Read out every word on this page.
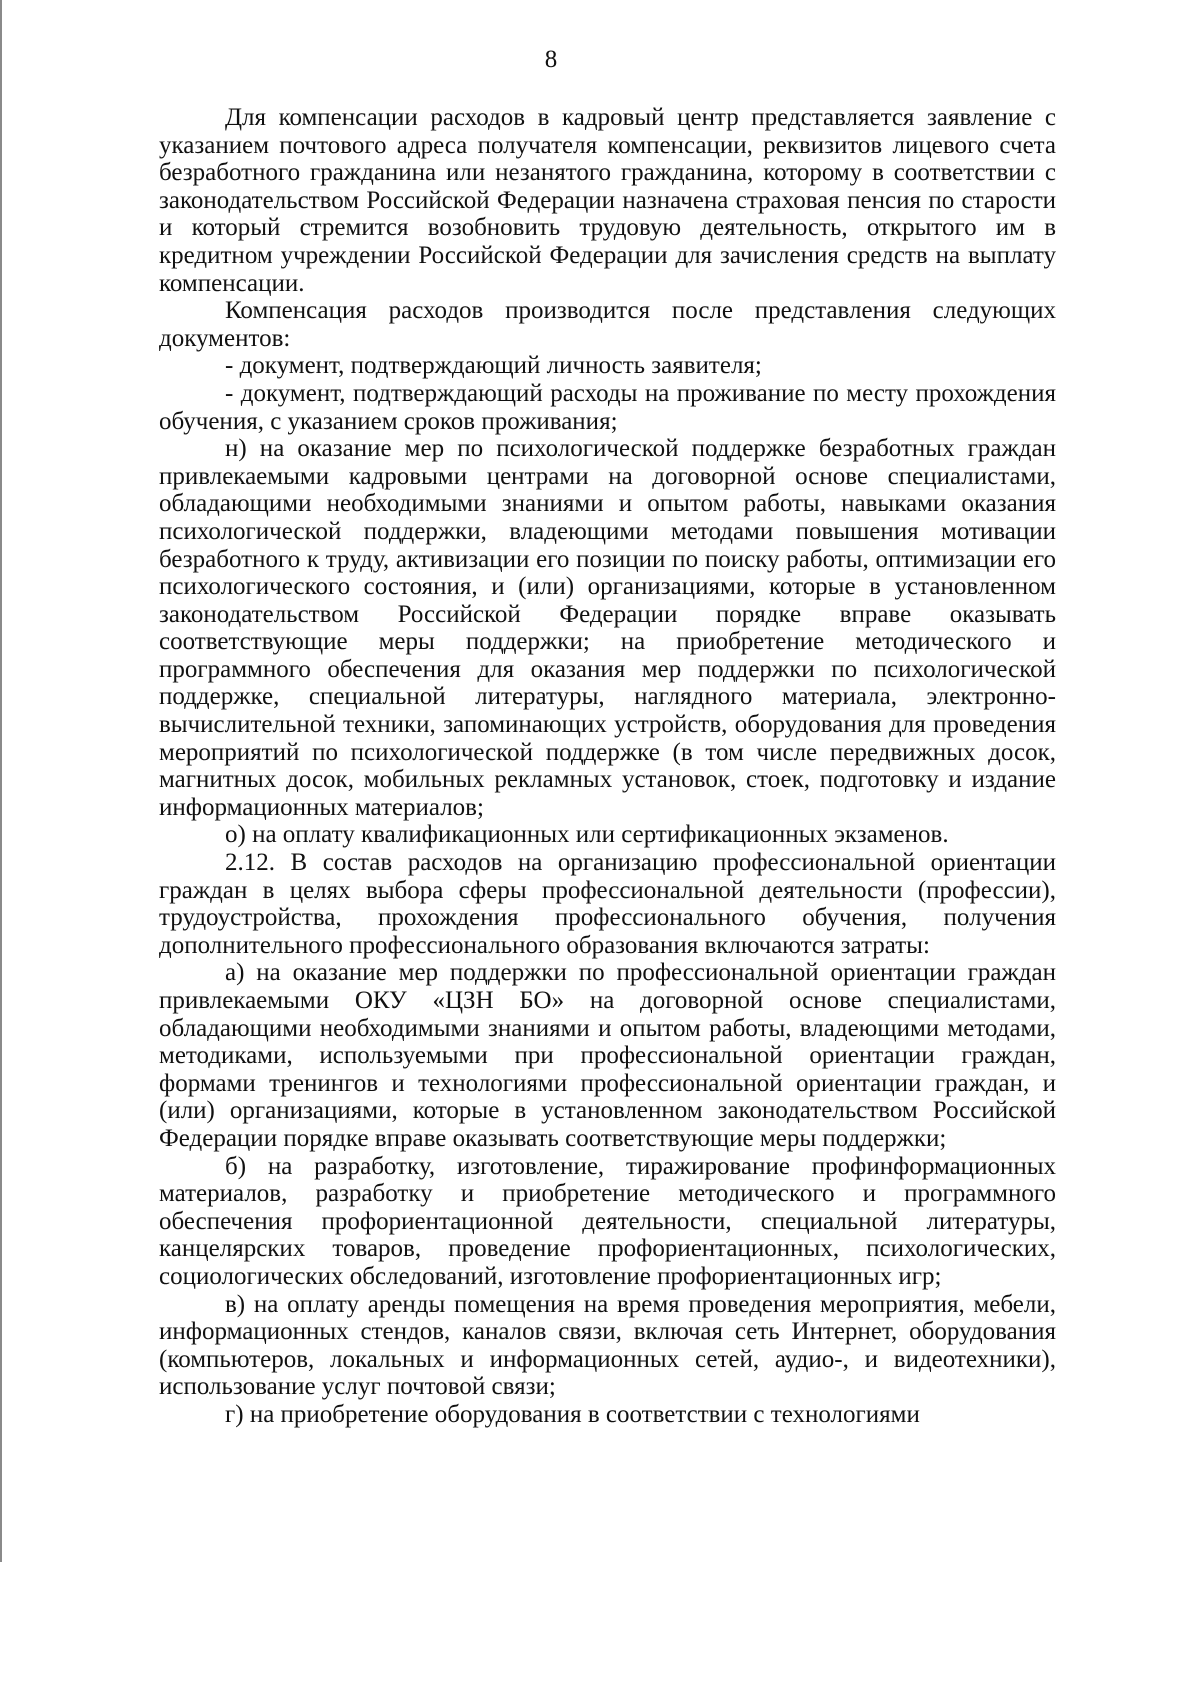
8

Для компенсации расходов в кадровый центр представляется заявление с указанием почтового адреса получателя компенсации, реквизитов лицевого счета безработного гражданина или незанятого гражданина, которому в соответствии с законодательством Российской Федерации назначена страховая пенсия по старости и который стремится возобновить трудовую деятельность, открытого им в кредитном учреждении Российской Федерации для зачисления средств на выплату компенсации.

Компенсация расходов производится после представления следующих документов:

- документ, подтверждающий личность заявителя;

- документ, подтверждающий расходы на проживание по месту прохождения обучения, с указанием сроков проживания;

н) на оказание мер по психологической поддержке безработных граждан привлекаемыми кадровыми центрами на договорной основе специалистами, обладающими необходимыми знаниями и опытом работы, навыками оказания психологической поддержки, владеющими методами повышения мотивации безработного к труду, активизации его позиции по поиску работы, оптимизации его психологического состояния, и (или) организациями, которые в установленном законодательством Российской Федерации порядке вправе оказывать соответствующие меры поддержки; на приобретение методического и программного обеспечения для оказания мер поддержки по психологической поддержке, специальной литературы, наглядного материала, электронно-вычислительной техники, запоминающих устройств, оборудования для проведения мероприятий по психологической поддержке (в том числе передвижных досок, магнитных досок, мобильных рекламных установок, стоек, подготовку и издание информационных материалов;

о) на оплату квалификационных или сертификационных экзаменов.

2.12. В состав расходов на организацию профессиональной ориентации граждан в целях выбора сферы профессиональной деятельности (профессии), трудоустройства, прохождения профессионального обучения, получения дополнительного профессионального образования включаются затраты:

а) на оказание мер поддержки по профессиональной ориентации граждан привлекаемыми ОКУ «ЦЗН БО» на договорной основе специалистами, обладающими необходимыми знаниями и опытом работы, владеющими методами, методиками, используемыми при профессиональной ориентации граждан, формами тренингов и технологиями профессиональной ориентации граждан, и (или) организациями, которые в установленном законодательством Российской Федерации порядке вправе оказывать соответствующие меры поддержки;

б) на разработку, изготовление, тиражирование профинформационных материалов, разработку и приобретение методического и программного обеспечения профориентационной деятельности, специальной литературы, канцелярских товаров, проведение профориентационных, психологических, социологических обследований, изготовление профориентационных игр;

в) на оплату аренды помещения на время проведения мероприятия, мебели, информационных стендов, каналов связи, включая сеть Интернет, оборудования (компьютеров, локальных и информационных сетей, аудио-, и видеотехники), использование услуг почтовой связи;

г) на приобретение оборудования в соответствии с технологиями
